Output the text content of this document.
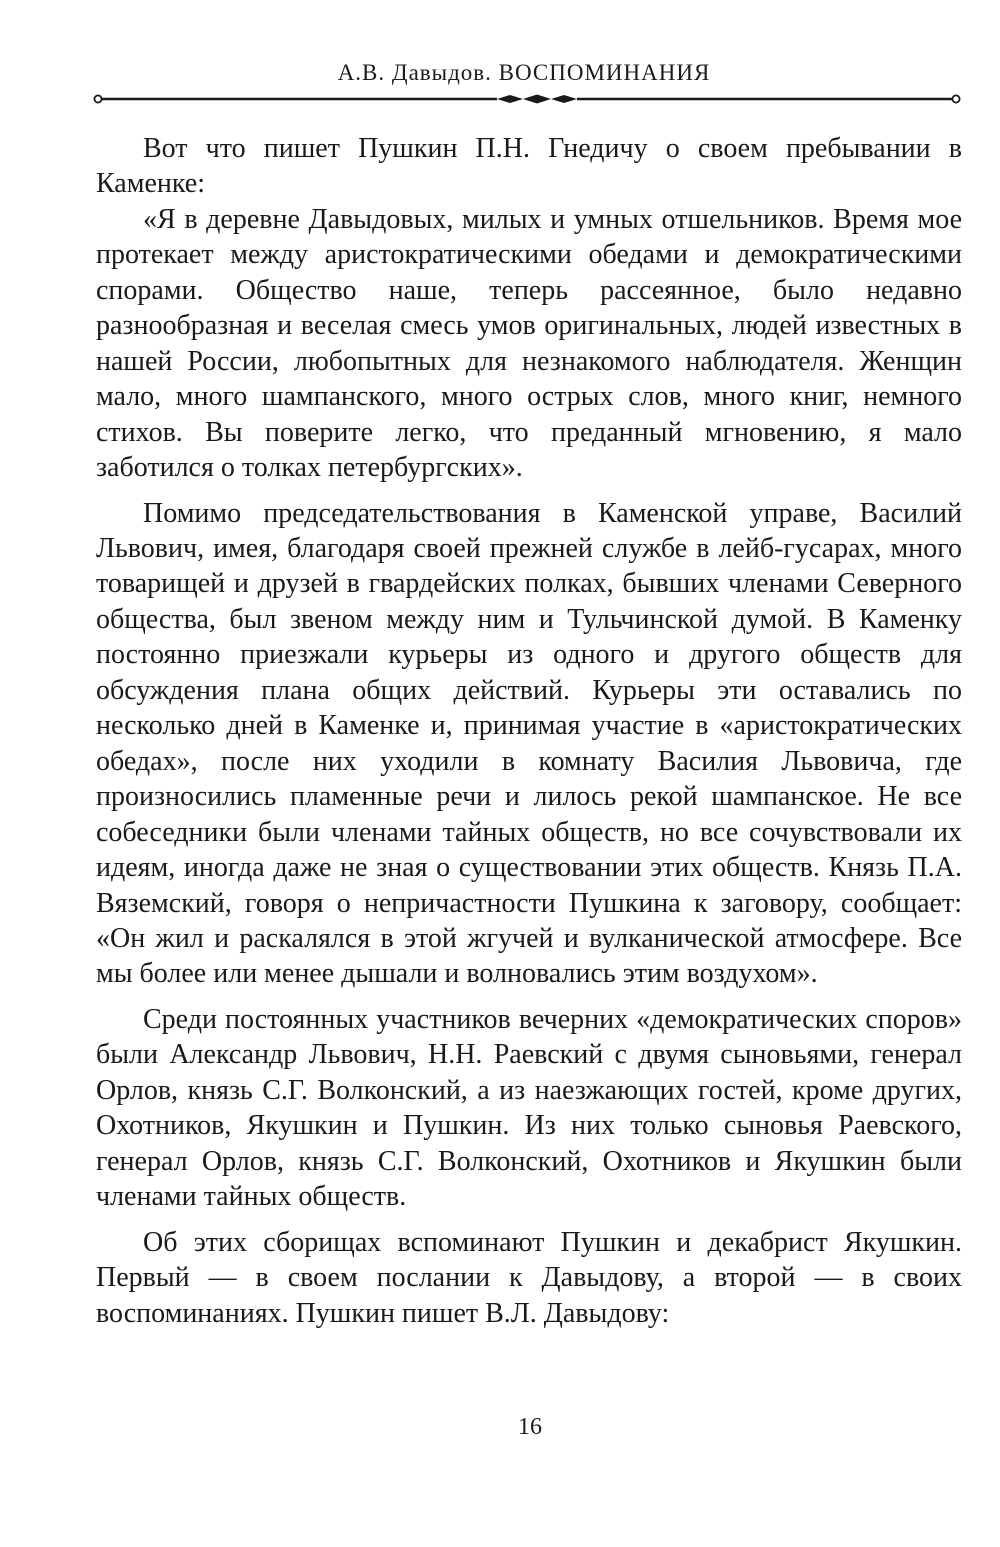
А.В. Давыдов. ВОСПОМИНАНИЯ

Вот что пишет Пушкин П.Н. Гнедичу о своем пребывании в Каменке:

«Я в деревне Давыдовых, милых и умных отшельников. Время мое протекает между аристократическими обедами и демократическими спорами. Общество наше, теперь рассеянное, было недавно разнообразная и веселая смесь умов оригинальных, людей известных в нашей России, любопытных для незнакомого наблюдателя. Женщин мало, много шампанского, много острых слов, много книг, немного стихов. Вы поверите легко, что преданный мгновению, я мало заботился о толках петербургских».

Помимо председательствования в Каменской управе, Василий Львович, имея, благодаря своей прежней службе в лейб-гусарах, много товарищей и друзей в гвардейских полках, бывших членами Северного общества, был звеном между ним и Тульчинской думой. В Каменку постоянно приезжали курьеры из одного и другого обществ для обсуждения плана общих действий. Курьеры эти оставались по несколько дней в Каменке и, принимая участие в «аристократических обедах», после них уходили в комнату Василия Львовича, где произносились пламенные речи и лилось рекой шампанское. Не все собеседники были членами тайных обществ, но все сочувствовали их идеям, иногда даже не зная о существовании этих обществ. Князь П.А. Вяземский, говоря о непричастности Пушкина к заговору, сообщает: «Он жил и раскалялся в этой жгучей и вулканической атмосфере. Все мы более или менее дышали и волновались этим воздухом».

Среди постоянных участников вечерних «демократических споров» были Александр Львович, Н.Н. Раевский с двумя сыновьями, генерал Орлов, князь С.Г. Волконский, а из наезжающих гостей, кроме других, Охотников, Якушкин и Пушкин. Из них только сыновья Раевского, генерал Орлов, князь С.Г. Волконский, Охотников и Якушкин были членами тайных обществ.

Об этих сборищах вспоминают Пушкин и декабрист Якушкин. Первый — в своем послании к Давыдову, а второй — в своих воспоминаниях. Пушкин пишет В.Л. Давыдову:

16
